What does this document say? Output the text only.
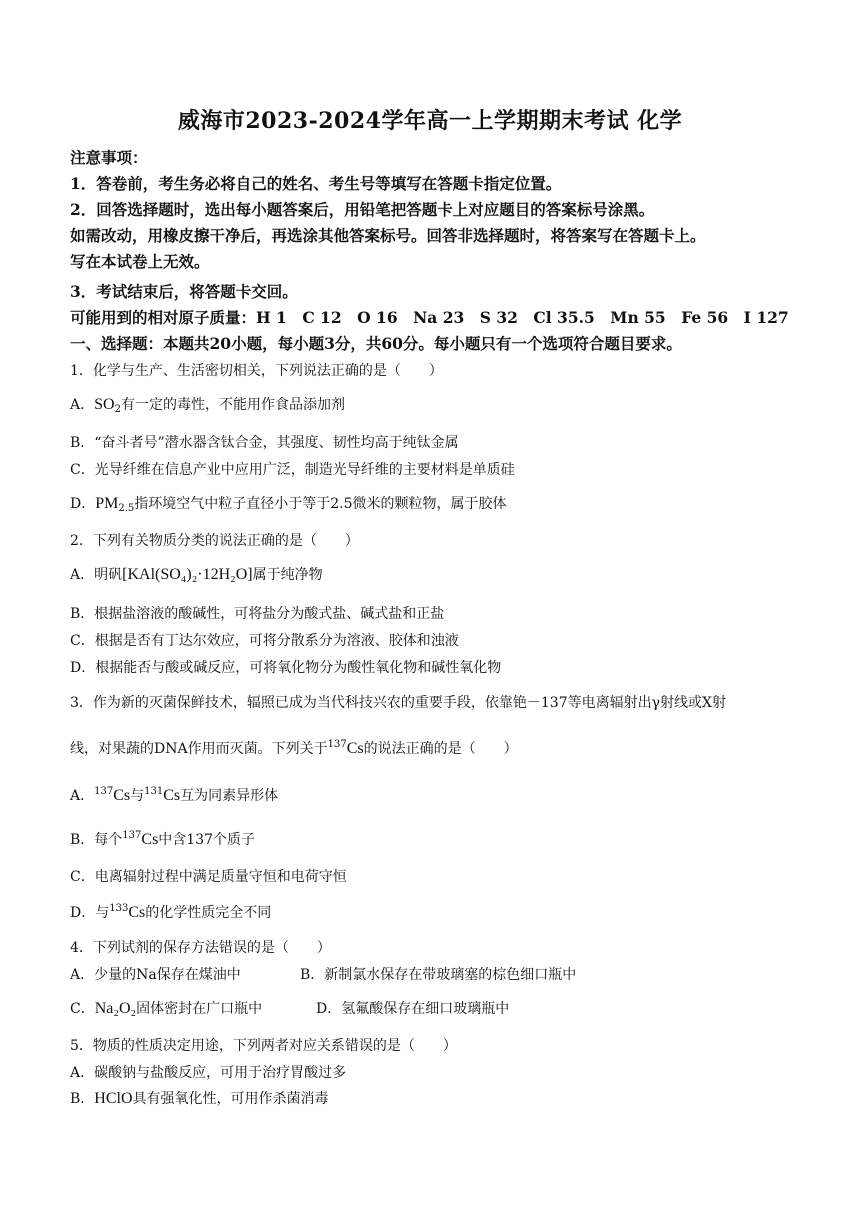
威海市2023-2024学年高一上学期期末考试 化学
注意事项：
1．答卷前，考生务必将自己的姓名、考生号等填写在答题卡指定位置。
2．回答选择题时，选出每小题答案后，用铅笔把答题卡上对应题目的答案标号涂黑。
如需改动，用橡皮擦干净后，再选涂其他答案标号。回答非选择题时，将答案写在答题卡上。
写在本试卷上无效。
3．考试结束后，将答题卡交回。
可能用到的相对原子质量：H 1　C 12　O 16　Na 23　S 32　Cl 35.5　Mn 55　Fe 56　I 127
一、选择题：本题共20小题，每小题3分，共60分。每小题只有一个选项符合题目要求。
1．化学与生产、生活密切相关，下列说法正确的是（　　）
A．$SO_2$有一定的毒性，不能用作食品添加剂
B．“奋斗者号”潜水器含钛合金，其强度、韧性均高于纯钛金属
C．光导纤维在信息产业中应用广泛，制造光导纤维的主要材料是单质硅
D．$PM_{2.5}$指环境空气中粒子直径小于等于2.5微米的颗粒物，属于胶体
2．下列有关物质分类的说法正确的是（　　）
A．明矾[KAl(SO₄)₂·12H₂O]属于纯净物
B．根据盐溶液的酸碱性，可将盐分为酸式盐、碱式盐和正盐
C．根据是否有丁达尔效应，可将分散系分为溶液、胶体和浊液
D．根据能否与酸或碱反应，可将氧化物分为酸性氧化物和碱性氧化物
3．作为新的灭菌保鲜技术，辐照已成为当代科技兴农的重要手段，依靠铯－137等电离辐射出γ射线或X射
线，对果蔬的DNA作用而灭菌。下列关于$^{137}$Cs的说法正确的是（　　）
A．$^{137}$Cs与$^{131}$Cs互为同素异形体
B．每个$^{137}$Cs中含137个质子
C．电离辐射过程中满足质量守恒和电荷守恒
D．与$^{133}$Cs的化学性质完全不同
4．下列试剂的保存方法错误的是（　　）
A．少量的Na保存在煤油中	B．新制氯水保存在带玻璃塞的棕色细口瓶中
C．Na₂O₂固体密封在广口瓶中	D．氢氟酸保存在细口玻璃瓶中
5．物质的性质决定用途，下列两者对应关系错误的是（　　）
A．碳酸钠与盐酸反应，可用于治疗胃酸过多
B．HClO具有强氧化性，可用作杀菌消毒
